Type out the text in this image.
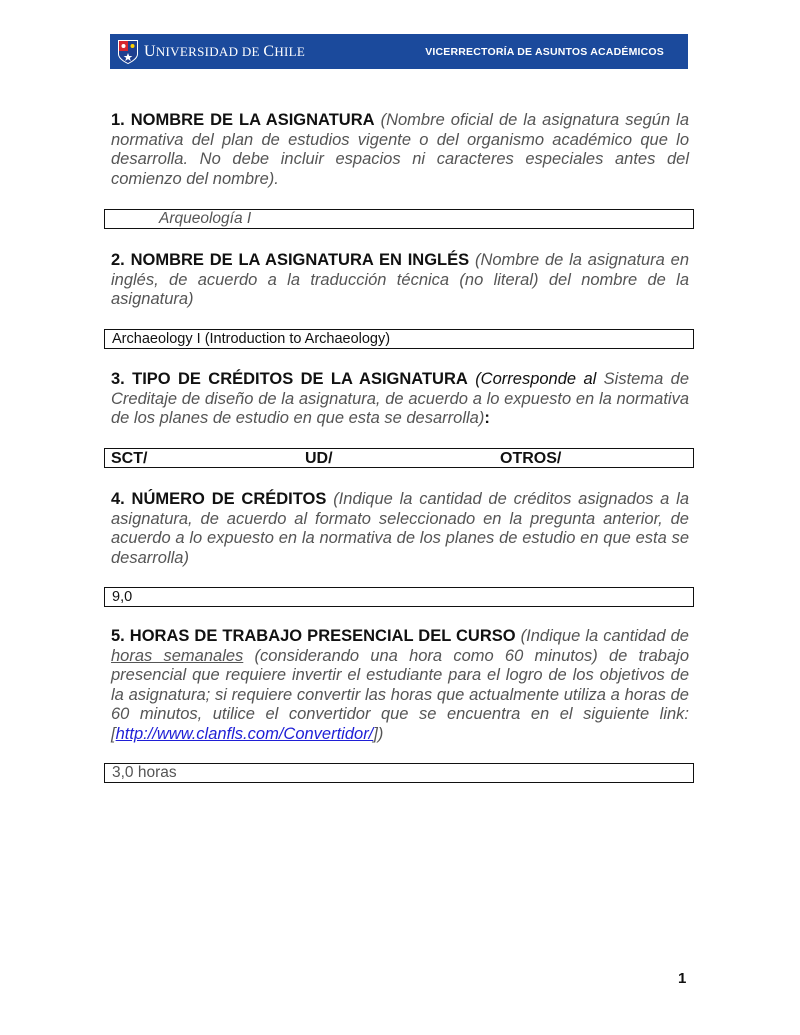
UNIVERSIDAD DE CHILE	VICERRECTORÍA DE ASUNTOS ACADÉMICOS
1. NOMBRE DE LA ASIGNATURA (Nombre oficial de la asignatura según la normativa del plan de estudios vigente o del organismo académico que lo desarrolla. No debe incluir espacios ni caracteres especiales antes del comienzo del nombre).
Arqueología I
2. NOMBRE DE LA ASIGNATURA EN INGLÉS (Nombre de la asignatura en inglés, de acuerdo a la traducción técnica (no literal) del nombre de la asignatura)
Archaeology I (Introduction to Archaeology)
3. TIPO DE CRÉDITOS DE LA ASIGNATURA (Corresponde al Sistema de Creditaje de diseño de la asignatura, de acuerdo a lo expuesto en la normativa de los planes de estudio en que esta se desarrolla):
SCT/	UD/	OTROS/
4. NÚMERO DE CRÉDITOS (Indique la cantidad de créditos asignados a la asignatura, de acuerdo al formato seleccionado en la pregunta anterior, de acuerdo a lo expuesto en la normativa de los planes de estudio en que esta se desarrolla)
9,0
5. HORAS DE TRABAJO PRESENCIAL DEL CURSO (Indique la cantidad de horas semanales (considerando una hora como 60 minutos) de trabajo presencial que requiere invertir el estudiante para el logro de los objetivos de la asignatura; si requiere convertir las horas que actualmente utiliza a horas de 60 minutos, utilice el convertidor que se encuentra en el siguiente link: [http://www.clanfls.com/Convertidor/])
3,0 horas
1
